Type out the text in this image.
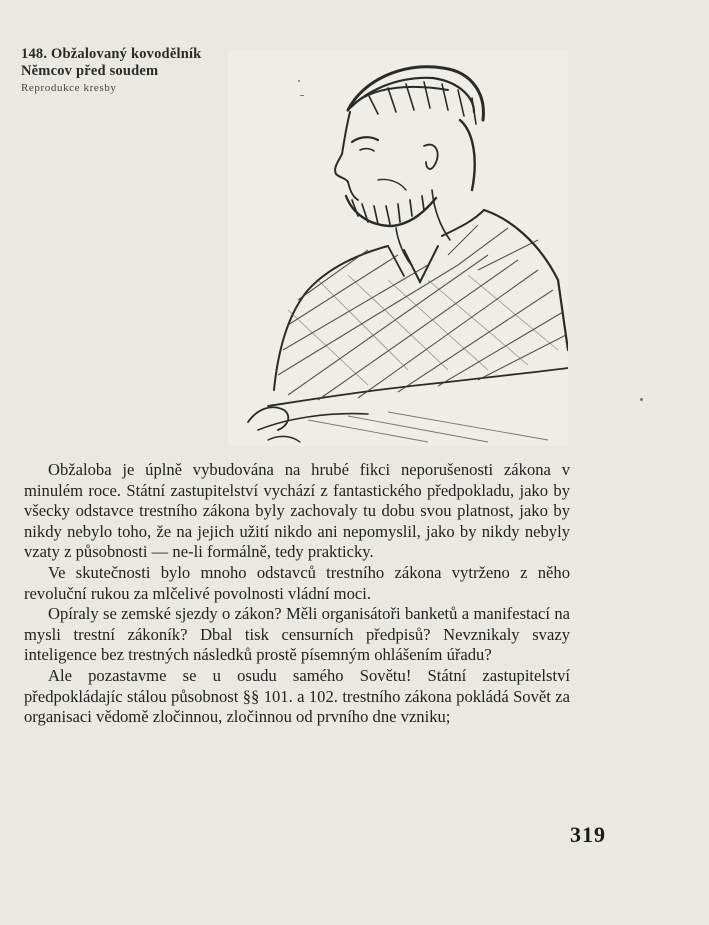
148. Obžalovaný kovodělník
Němcov před soudem
Reprodukce kresby

Obžaloba je úplně vybudována na hrubé fikci neporušenosti zákona v minulém roce. Státní zastupitelství vychází z fantastického předpokladu, jako by všecky odstavce trestního zákona byly zachovaly tu dobu svou platnost, jako by nikdy nebylo toho, že na jejich užití nikdo ani nepomyslil, jako by nikdy nebyly vzaty z působnosti — ne-li formálně, tedy prakticky.

Ve skutečnosti bylo mnoho odstavců trestního zákona vytrženo z něho revoluční rukou za mlčelivé povolnosti vládní moci.

Opíraly se zemské sjezdy o zákon? Měli organisátoři banketů a manifestací na mysli trestní zákoník? Dbal tisk censurních předpisů? Nevznikaly svazy inteligence bez trestných následků prostě písemným ohlášením úřadu?

Ale pozastavme se u osudu samého Sovětu! Státní zastupitelství předpokládajíc stálou působnost §§ 101. a 102. trestního zákona pokládá Sovět za organisaci vědomě zločinnou, zločinnou od prvního dne vzniku;

319
